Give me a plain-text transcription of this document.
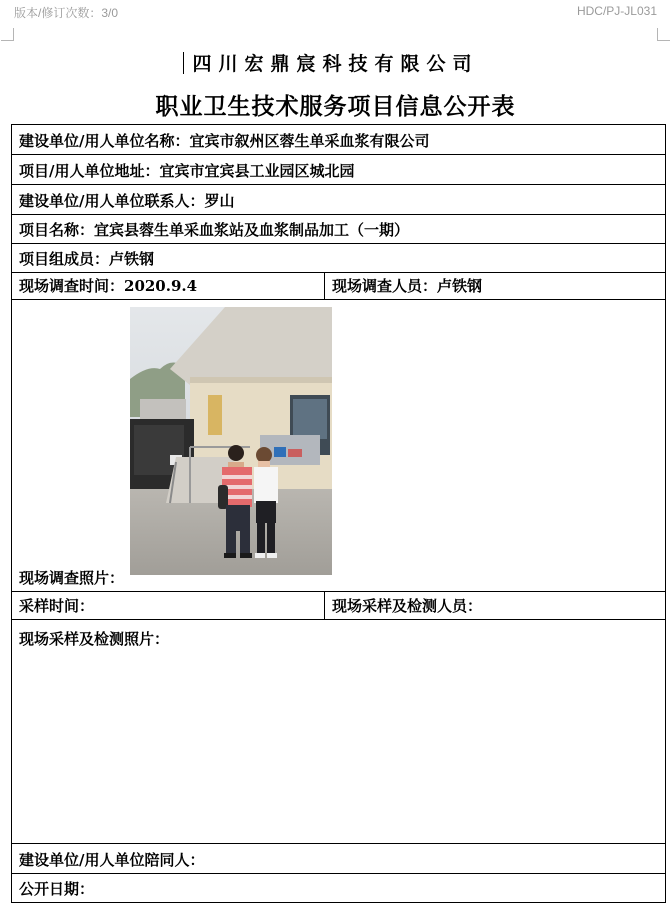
版本/修订次数：3/0	HDC/PJ-JL031
四川宏鼎宸科技有限公司
职业卫生技术服务项目信息公开表
建设单位/用人单位名称：宜宾市叙州区蓉生单采血浆有限公司
项目/用人单位地址：宜宾市宜宾县工业园区城北园
建设单位/用人单位联系人：罗山
项目名称：宜宾县蓉生单采血浆站及血浆制品加工（一期）
项目组成员：卢铁钢
现场调查时间：2020.9.4	现场调查人员：卢铁钢
现场调查照片：
采样时间：	现场采样及检测人员：
现场采样及检测照片：
建设单位/用人单位陪同人：
公开日期：
